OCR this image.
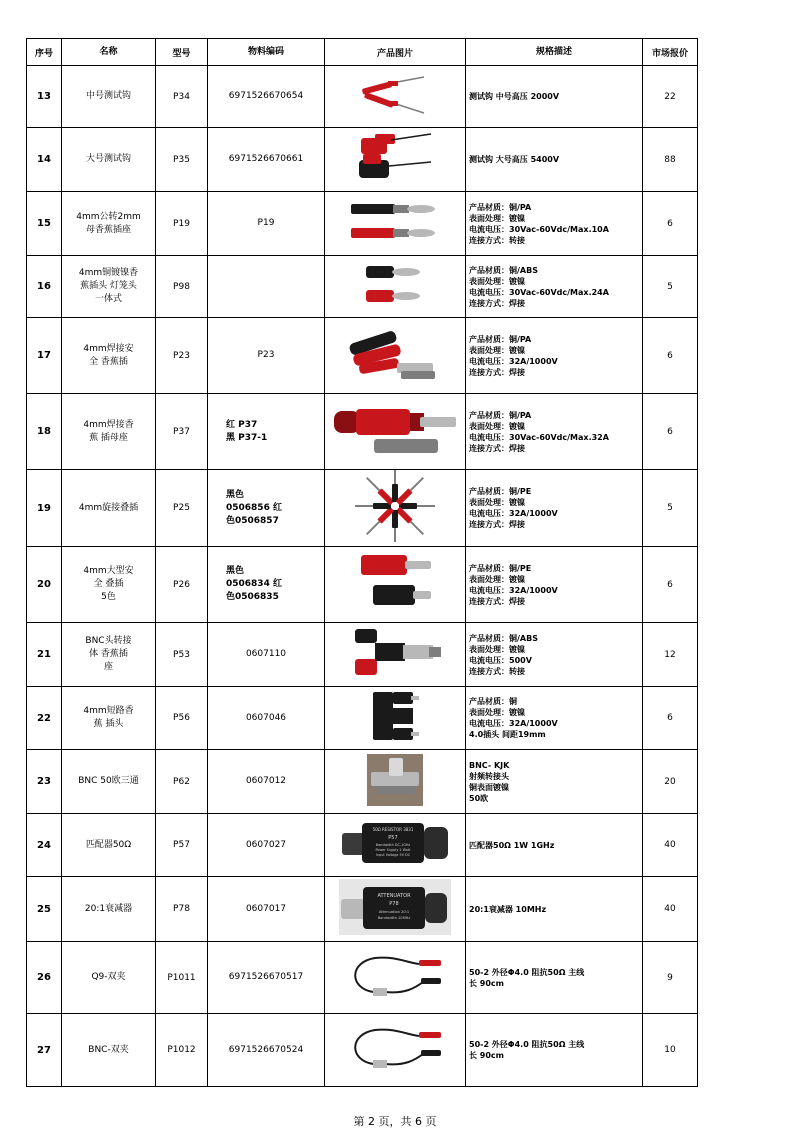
序号	名称	型号	物料编码	产品图片	规格描述	市场报价
13	中号测试钩	P34	6971526670654		测试钩 中号高压 2000V	22
14	大号测试钩	P35	6971526670661		测试钩 大号高压 5400V	88
15	4mm公转2mm
母香蕉插座	P19	P19		产品材质：铜/PA
表面处理：镀镍
电流电压：30Vac-60Vdc/Max.10A
连接方式：转接	6
16	4mm铜镀镍香
蕉插头 灯笼头
一体式	P98			产品材质：铜/ABS
表面处理：镀镍
电流电压：30Vac-60Vdc/Max.24A
连接方式：焊接	5
17	4mm焊接安
全 香蕉插	P23	P23		产品材质：铜/PA
表面处理：镀镍
电流电压：32A/1000V
连接方式：焊接	6
18	4mm焊接香
蕉 插母座	P37	红 P37
黑 P37-1		产品材质：铜/PA
表面处理：镀镍
电流电压：30Vac-60Vdc/Max.32A
连接方式：焊接	6
19	4mm旋接叠插	P25	黑色
0506856 红
色0506857		产品材质：铜/PE
表面处理：镀镍
电流电压：32A/1000V
连接方式：焊接	5
20	4mm大型安
全 叠插
5色	P26	黑色
0506834 红
色0506835		产品材质：铜/PE
表面处理：镀镍
电流电压：32A/1000V
连接方式：焊接	6
21	BNC头转接
体 香蕉插
座	P53	0607110		产品材质：铜/ABS
表面处理：镀镍
电流电压：500V
连接方式：转接	12
22	4mm短路香
蕉 插头	P56	0607046		产品材质：铜
表面处理：镀镍
电流电压：32A/1000V
4.0插头 间距19mm	6
23	BNC 50欧三通	P62	0607012		BNC- KJK
射频转接头
铜表面镀镍
50欧	20
24	匹配器50Ω	P57	0607027	50Ω RESISTOR 3831
P57
Bandwidth DC-1GHz
Power Supply 1 Watt
Input Voltage 5V DC	匹配器50Ω 1W 1GHz	40
25	20:1衰减器	P78	0607017	ATTENUATOR
P78
Attenuation 20:1
Bandwidth 10MHz	20:1衰减器 10MHz	40
26	Q9-双夹	P1011	6971526670517		50-2 外径Φ4.0 阻抗50Ω 主线
长 90cm	9
27	BNC-双夹	P1012	6971526670524		50-2 外径Φ4.0 阻抗50Ω 主线
长 90cm	10
第 2 页，共 6 页
